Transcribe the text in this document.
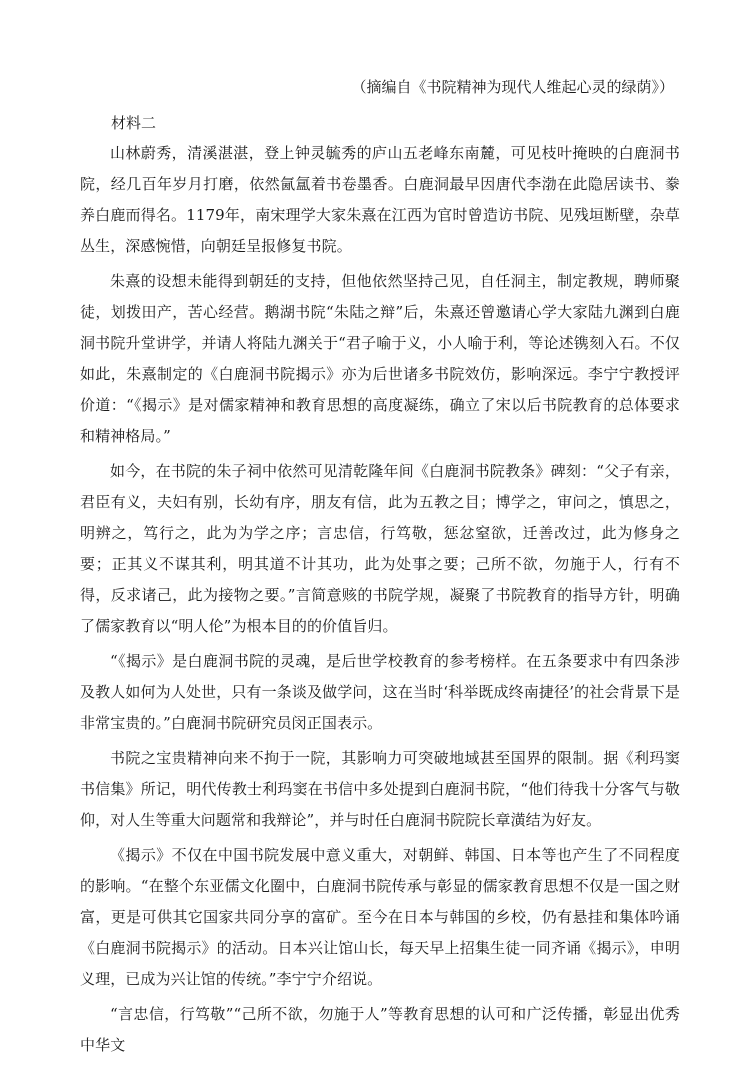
（摘编自《书院精神为现代人维起心灵的绿荫》）
材料二

山林蔚秀，清溪湛湛，登上钟灵毓秀的庐山五老峰东南麓，可见枝叶掩映的白鹿洞书院，经几百年岁月打磨，依然氤氲着书卷墨香。白鹿洞最早因唐代李渤在此隐居读书、豢养白鹿而得名。1179年，南宋理学大家朱熹在江西为官时曾造访书院、见残垣断壁，杂草丛生，深感惋惜，向朝廷呈报修复书院。

朱熹的设想未能得到朝廷的支持，但他依然坚持己见，自任洞主，制定教规，聘师聚徒，划拨田产，苦心经营。鹅湖书院“朱陆之辩”后，朱熹还曾邀请心学大家陆九渊到白鹿洞书院升堂讲学，并请人将陆九渊关于“君子喻于义，小人喻于利，等论述镌刻入石。不仅如此，朱熹制定的《白鹿洞书院揭示》亦为后世诸多书院效仿，影响深远。李宁宁教授评价道：“《揭示》是对儒家精神和教育思想的高度凝练，确立了宋以后书院教育的总体要求和精神格局。”

如今，在书院的朱子祠中依然可见清乾隆年间《白鹿洞书院教条》碑刻：“父子有亲，君臣有义，夫妇有别，长幼有序，朋友有信，此为五教之目；博学之，审问之，慎思之，明辨之，笃行之，此为为学之序；言忠信，行笃敬，惩忿窒欲，迁善改过，此为修身之要；正其义不谋其利，明其道不计其功，此为处事之要；己所不欲，勿施于人，行有不得，反求诸己，此为接物之要。”言简意赅的书院学规，凝聚了书院教育的指导方针，明确了儒家教育以“明人伦”为根本目的的价值旨归。

“《揭示》是白鹿洞书院的灵魂，是后世学校教育的参考榜样。在五条要求中有四条涉及教人如何为人处世，只有一条谈及做学问，这在当时‘科举既成终南捷径’的社会背景下是非常宝贵的。”白鹿洞书院研究员闵正国表示。

书院之宝贵精神向来不拘于一院，其影响力可突破地域甚至国界的限制。据《利玛窦书信集》所记，明代传教士利玛窦在书信中多处提到白鹿洞书院，“他们待我十分客气与敬仰，对人生等重大问题常和我辩论”，并与时任白鹿洞书院院长章潢结为好友。

《揭示》不仅在中国书院发展中意义重大，对朝鲜、韩国、日本等也产生了不同程度的影响。“在整个东亚儒文化圈中，白鹿洞书院传承与彰显的儒家教育思想不仅是一国之财富，更是可供其它国家共同分享的富矿。至今在日本与韩国的乡校，仍有悬挂和集体吟诵《白鹿洞书院揭示》的活动。日本兴让馆山长，每天早上招集生徒一同齐诵《揭示》，申明义理，已成为兴让馆的传统。”李宁宁介绍说。

“言忠信，行笃敬”“己所不欲，勿施于人”等教育思想的认可和广泛传播，彰显出优秀中华文
